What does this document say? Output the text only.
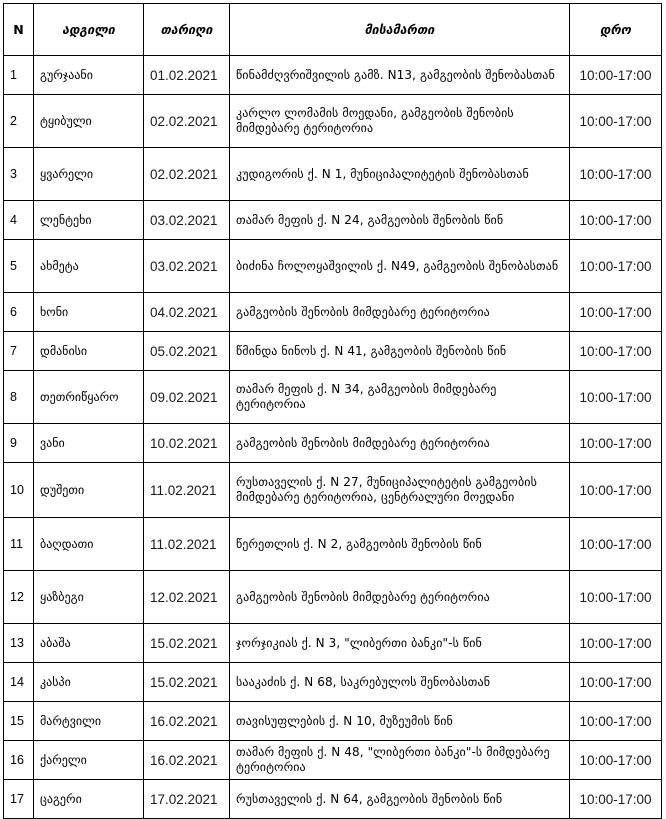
N	ადგილი	თარიღი	მისამართი	დრო
1	გურჯაანი	01.02.2021	წინამძღვრიშვილის გამზ. N13, გამგეობის შენობასთან	10:00-17:00
2	ტყიბული	02.02.2021	კარლო ლომამის მოედანი, გამგეობის შენობის მიმდებარე ტერიტორია	10:00-17:00
3	ყვარელი	02.02.2021	კუდიგორის ქ. N 1, მუნიციპალიტეტის შენობასთან	10:00-17:00
4	ლენტეხი	03.02.2021	თამარ მეფის ქ. N 24, გამგეობის შენობის წინ	10:00-17:00
5	ახმეტა	03.02.2021	ბიძინა ჩოლოყაშვილის ქ. N49, გამგეობის შენობასთან	10:00-17:00
6	ხონი	04.02.2021	გამგეობის შენობის მიმდებარე ტერიტორია	10:00-17:00
7	დმანისი	05.02.2021	წმინდა ნინოს ქ. N 41, გამგეობის შენობის წინ	10:00-17:00
8	თეთრიწყარო	09.02.2021	თამარ მეფის ქ. N 34, გამგეობის მიმდებარე ტერიტორია	10:00-17:00
9	ვანი	10.02.2021	გამგეობის შენობის მიმდებარე ტერიტორია	10:00-17:00
10	დუშეთი	11.02.2021	რუსთაველის ქ. N 27, მუნიციპალიტეტის გამგეობის მიმდებარე ტერიტორია, ცენტრალური მოედანი	10:00-17:00
11	ბაღდათი	11.02.2021	წერეთლის ქ. N 2, გამგეობის შენობის წინ	10:00-17:00
12	ყაზბეგი	12.02.2021	გამგეობის შენობის მიმდებარე ტერიტორია	10:00-17:00
13	აბაშა	15.02.2021	ჯორჯიკიას ქ. N 3, "ლიბერთი ბანკი"-ს წინ	10:00-17:00
14	კასპი	15.02.2021	სააკაძის ქ. N 68, საკრებულოს შენობასთან	10:00-17:00
15	მარტვილი	16.02.2021	თავისუფლების ქ. N 10, მუზეუმის წინ	10:00-17:00
16	ქარელი	16.02.2021	თამარ მეფის ქ. N 48, "ლიბერთი ბანკი"-ს მიმდებარე ტერიტორია	10:00-17:00
17	ცაგერი	17.02.2021	რუსთაველის ქ. N 64, გამგეობის შენობის წინ	10:00-17:00
